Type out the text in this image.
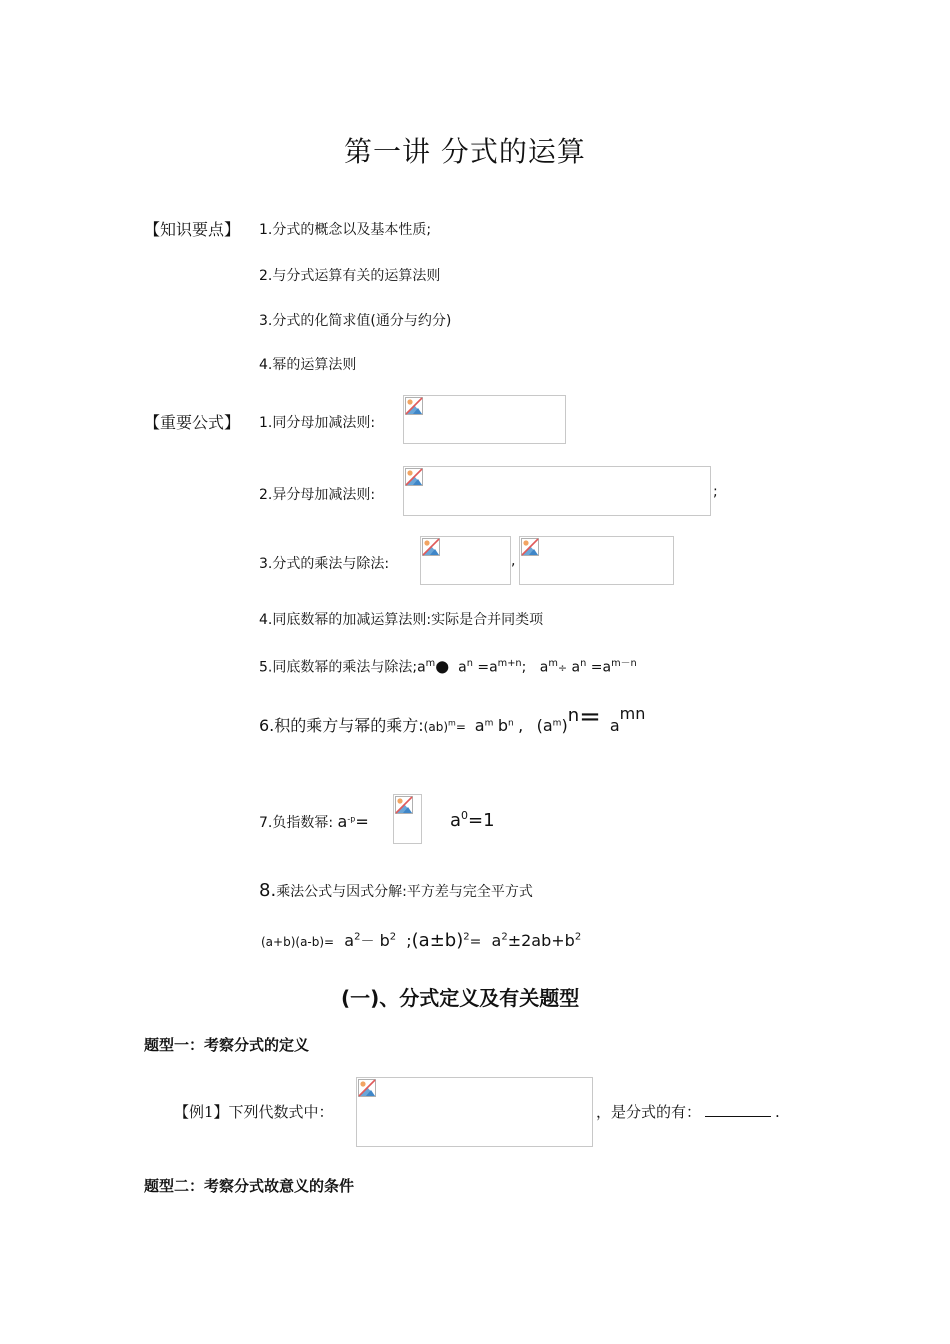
第一讲 分式的运算
【知识要点】 1.分式的概念以及基本性质;
2.与分式运算有关的运算法则
3.分式的化简求值(通分与约分)
4.幂的运算法则
【重要公式】 1.同分母加减法则:
2.异分母加减法则:	;
3.分式的乘法与除法:	,
4.同底数幂的加减运算法则:实际是合并同类项
5.同底数幂的乘法与除法$;a^m●$ $a^n =a^{m+n}$; $a^m\div a^n =a^{m-n}$
6.积的乘方与幂的乘方:(ab)$^m$= $a^m$ $b^n$ , $(a^m)n=$ amn
7.负指数幂: $a^{-p}=$	$a^0=1$
8.乘法公式与因式分解:平方差与完全平方式
$(a+b)(a-b)= a^2- b^2$ $;(a\pm b)^2= a^2\pm 2ab+b^2$
(一)、分式定义及有关题型
题型一：考察分式的定义
【例1】下列代数式中：	，是分式的有：	.
题型二：考察分式故意义的条件
